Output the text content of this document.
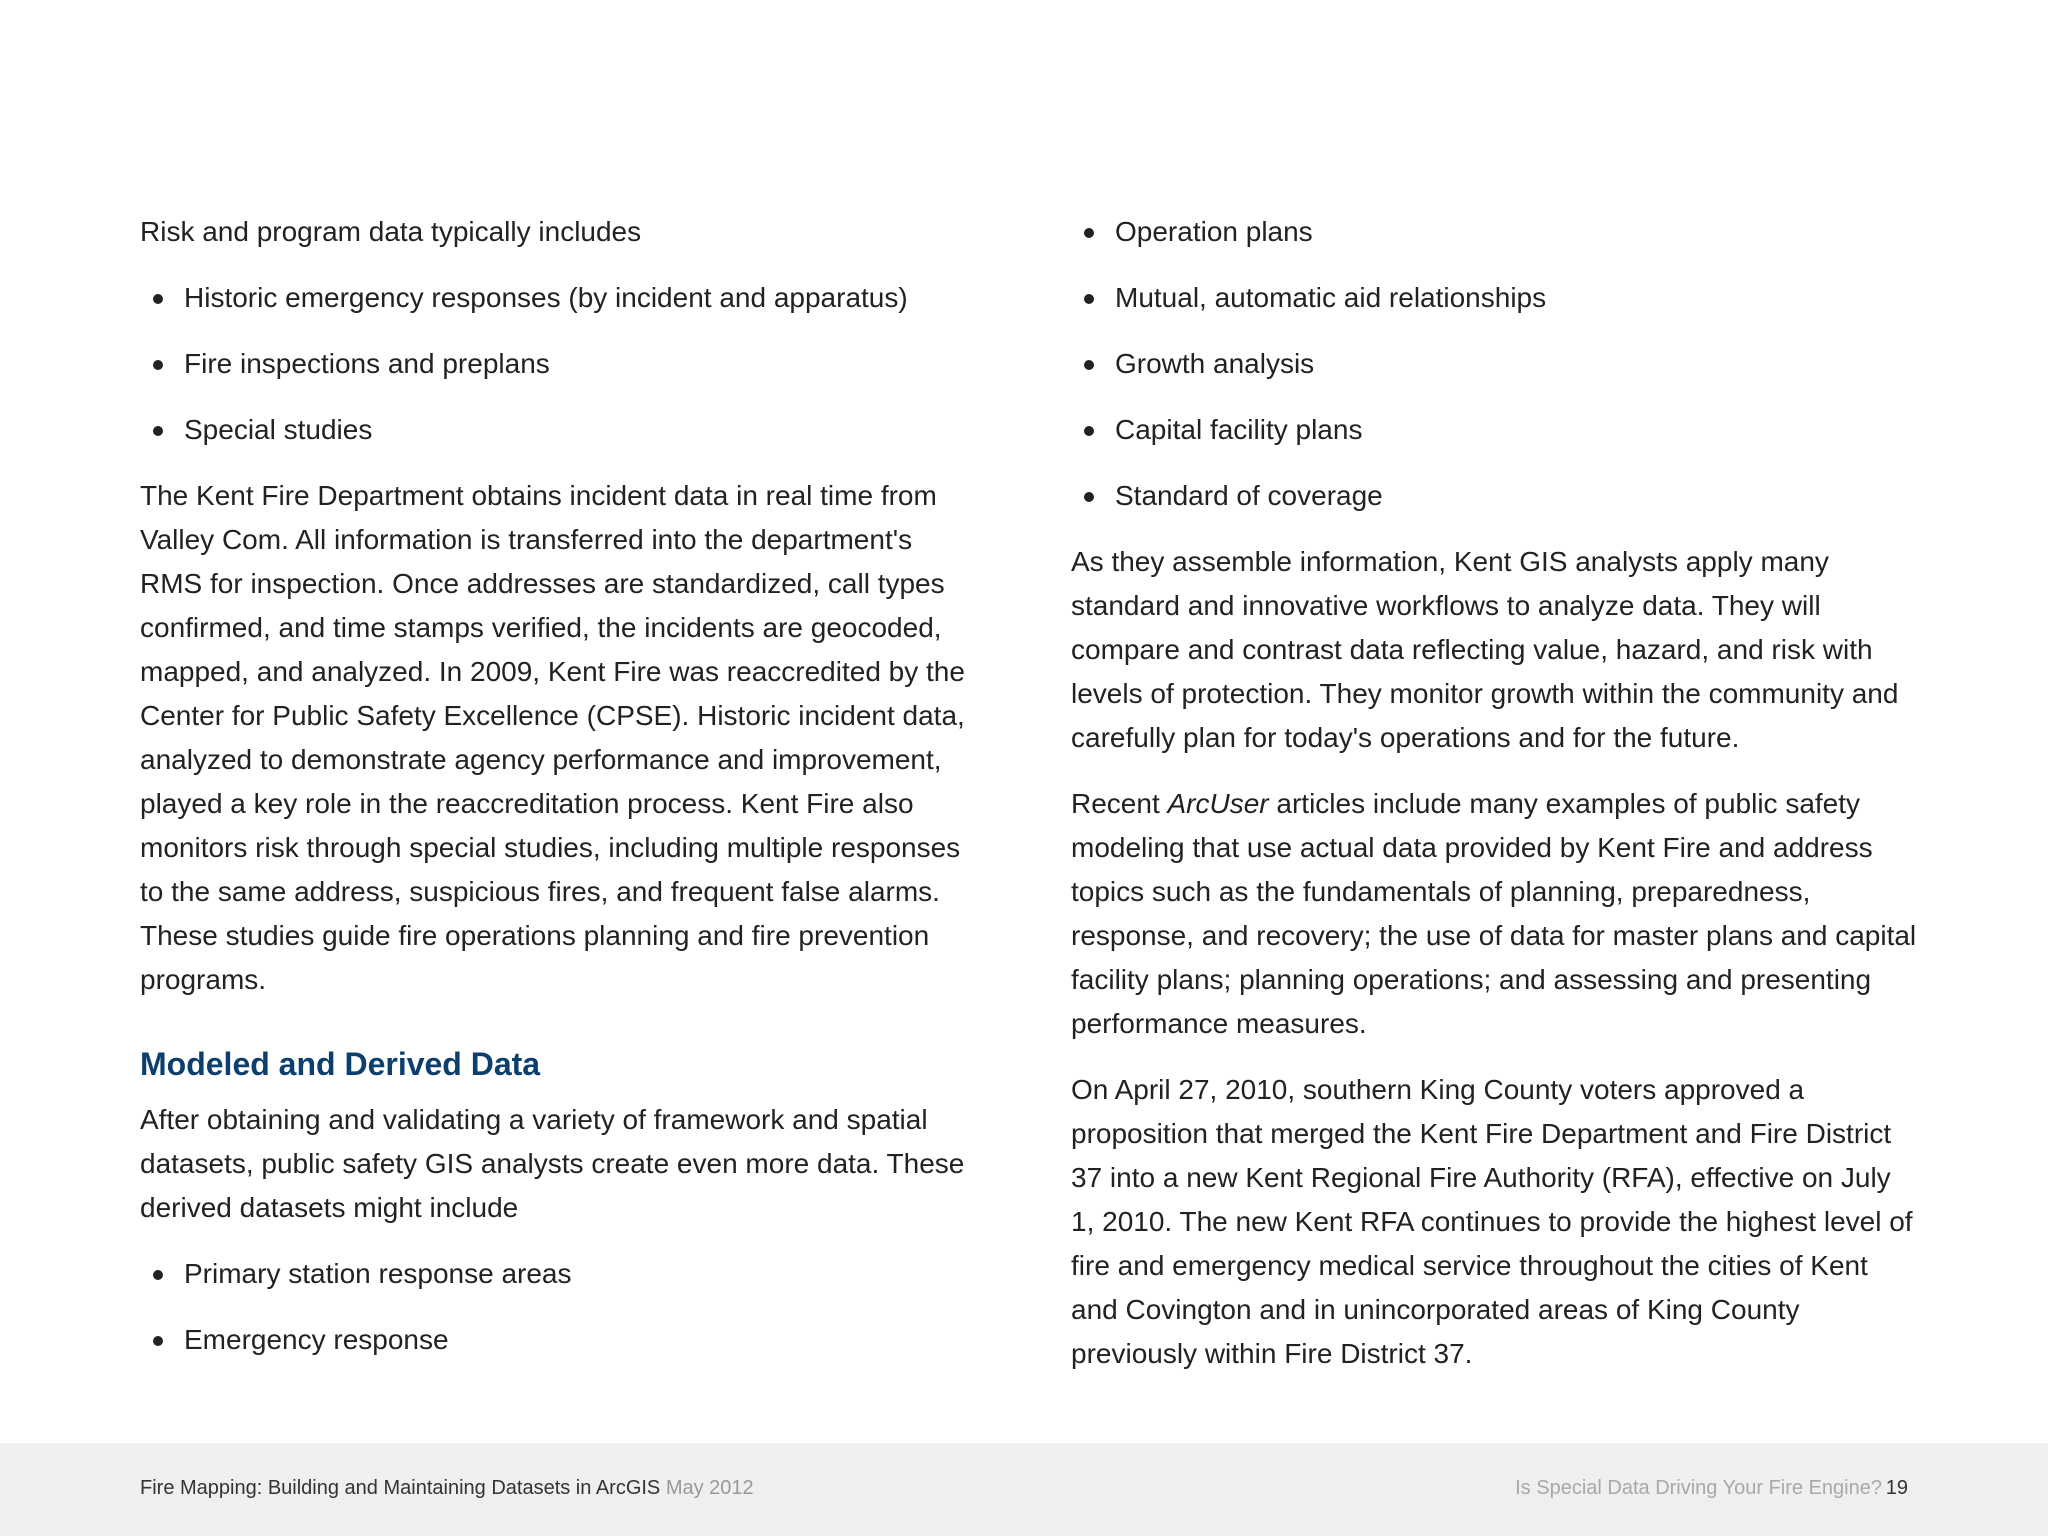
Risk and program data typically includes

Historic emergency responses (by incident and apparatus)
Fire inspections and preplans
Special studies

The Kent Fire Department obtains incident data in real time from Valley Com. All information is transferred into the department's RMS for inspection. Once addresses are standardized, call types confirmed, and time stamps verified, the incidents are geocoded, mapped, and analyzed. In 2009, Kent Fire was reaccredited by the Center for Public Safety Excellence (CPSE). Historic incident data, analyzed to demonstrate agency performance and improvement, played a key role in the reaccreditation process. Kent Fire also monitors risk through special studies, including multiple responses to the same address, suspicious fires, and frequent false alarms. These studies guide fire operations planning and fire prevention programs.

Modeled and Derived Data

After obtaining and validating a variety of framework and spatial datasets, public safety GIS analysts create even more data. These derived datasets might include

Primary station response areas
Emergency response
Operation plans
Mutual, automatic aid relationships
Growth analysis
Capital facility plans
Standard of coverage

As they assemble information, Kent GIS analysts apply many standard and innovative workflows to analyze data. They will compare and contrast data reflecting value, hazard, and risk with levels of protection. They monitor growth within the community and carefully plan for today's operations and for the future.

Recent ArcUser articles include many examples of public safety modeling that use actual data provided by Kent Fire and address topics such as the fundamentals of planning, preparedness, response, and recovery; the use of data for master plans and capital facility plans; planning operations; and assessing and presenting performance measures.

On April 27, 2010, southern King County voters approved a proposition that merged the Kent Fire Department and Fire District 37 into a new Kent Regional Fire Authority (RFA), effective on July 1, 2010. The new Kent RFA continues to provide the highest level of fire and emergency medical service throughout the cities of Kent and Covington and in unincorporated areas of King County previously within Fire District 37.

Fire Mapping: Building and Maintaining Datasets in ArcGIS May 2012	Is Special Data Driving Your Fire Engine? 19
